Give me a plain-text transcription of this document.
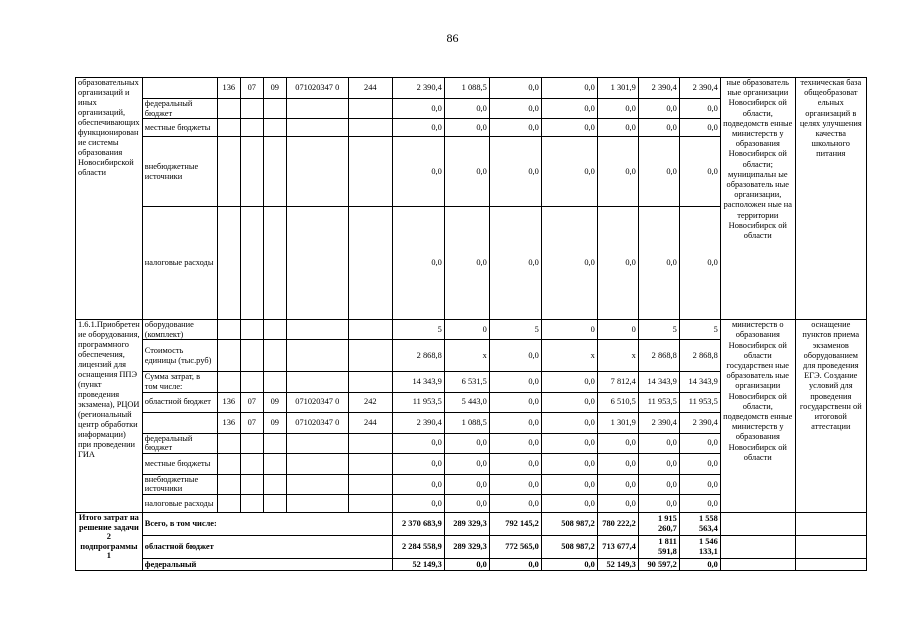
86
образовательных организаций и иных организаций, обеспечивающих функционирован ие системы образования Новосибирской области		136	07	09	071020347 0	244	2 390,4	1 088,5	0,0	0,0	1 301,9	2 390,4	2 390,4	ные образователь ные организации Новосибирск ой области, подведомств енные министерств у образования Новосибирск ой области; муниципальн ые образователь ные организации, расположен ные на территории Новосибирск ой области	техническая база общеобразоват ельных организаций в целях улучшения качества школьного питания
	федеральный бюджет						0,0	0,0	0,0	0,0	0,0	0,0	0,0		
	местные бюджеты						0,0	0,0	0,0	0,0	0,0	0,0	0,0		
	внебюджетные источники						0,0	0,0	0,0	0,0	0,0	0,0	0,0		
	налоговые расходы						0,0	0,0	0,0	0,0	0,0	0,0	0,0		
1.6.1.Приобретен ие оборудования, программного обеспечения, лицензий для оснащения ППЭ (пункт проведения экзамена), РЦОИ (региональный центр обработки информации) при проведении ГИА	оборудование (комплект)						5	0	5	0	0	5	5	министерств о образования Новосибирск ой области государствен ные образователь ные организации Новосибирск ой области, подведомств енные министерств у образования Новосибирск ой области	оснащение пунктов приема экзаменов оборудованием для проведения ЕГЭ. Создание условий для проведения государственн ой итоговой аттестации
	Стоимость единицы (тыс.руб)						2 868,8	х	0,0	х	х	2 868,8	2 868,8		
	Сумма затрат, в том числе:						14 343,9	6 531,5	0,0	0,0	7 812,4	14 343,9	14 343,9		
	областной бюджет	136	07	09	071020347 0	242	11 953,5	5 443,0	0,0	0,0	6 510,5	11 953,5	11 953,5		
		136	07	09	071020347 0	244	2 390,4	1 088,5	0,0	0,0	1 301,9	2 390,4	2 390,4		
	федеральный бюджет						0,0	0,0	0,0	0,0	0,0	0,0	0,0		
	местные бюджеты						0,0	0,0	0,0	0,0	0,0	0,0	0,0		
	внебюджетные источники						0,0	0,0	0,0	0,0	0,0	0,0	0,0		
	налоговые расходы						0,0	0,0	0,0	0,0	0,0	0,0	0,0		
Итого затрат на решение задачи 2 подпрограммы 1	Всего, в том числе:						2 370 683,9	289 329,3	792 145,2	508 987,2	780 222,2	1 915 260,7	1 558 563,4		
	областной бюджет						2 284 558,9	289 329,3	772 565,0	508 987,2	713 677,4	1 811 591,8	1 546 133,1		
	федеральный						52 149,3	0,0	0,0	0,0	52 149,3	90 597,2	0,0		
